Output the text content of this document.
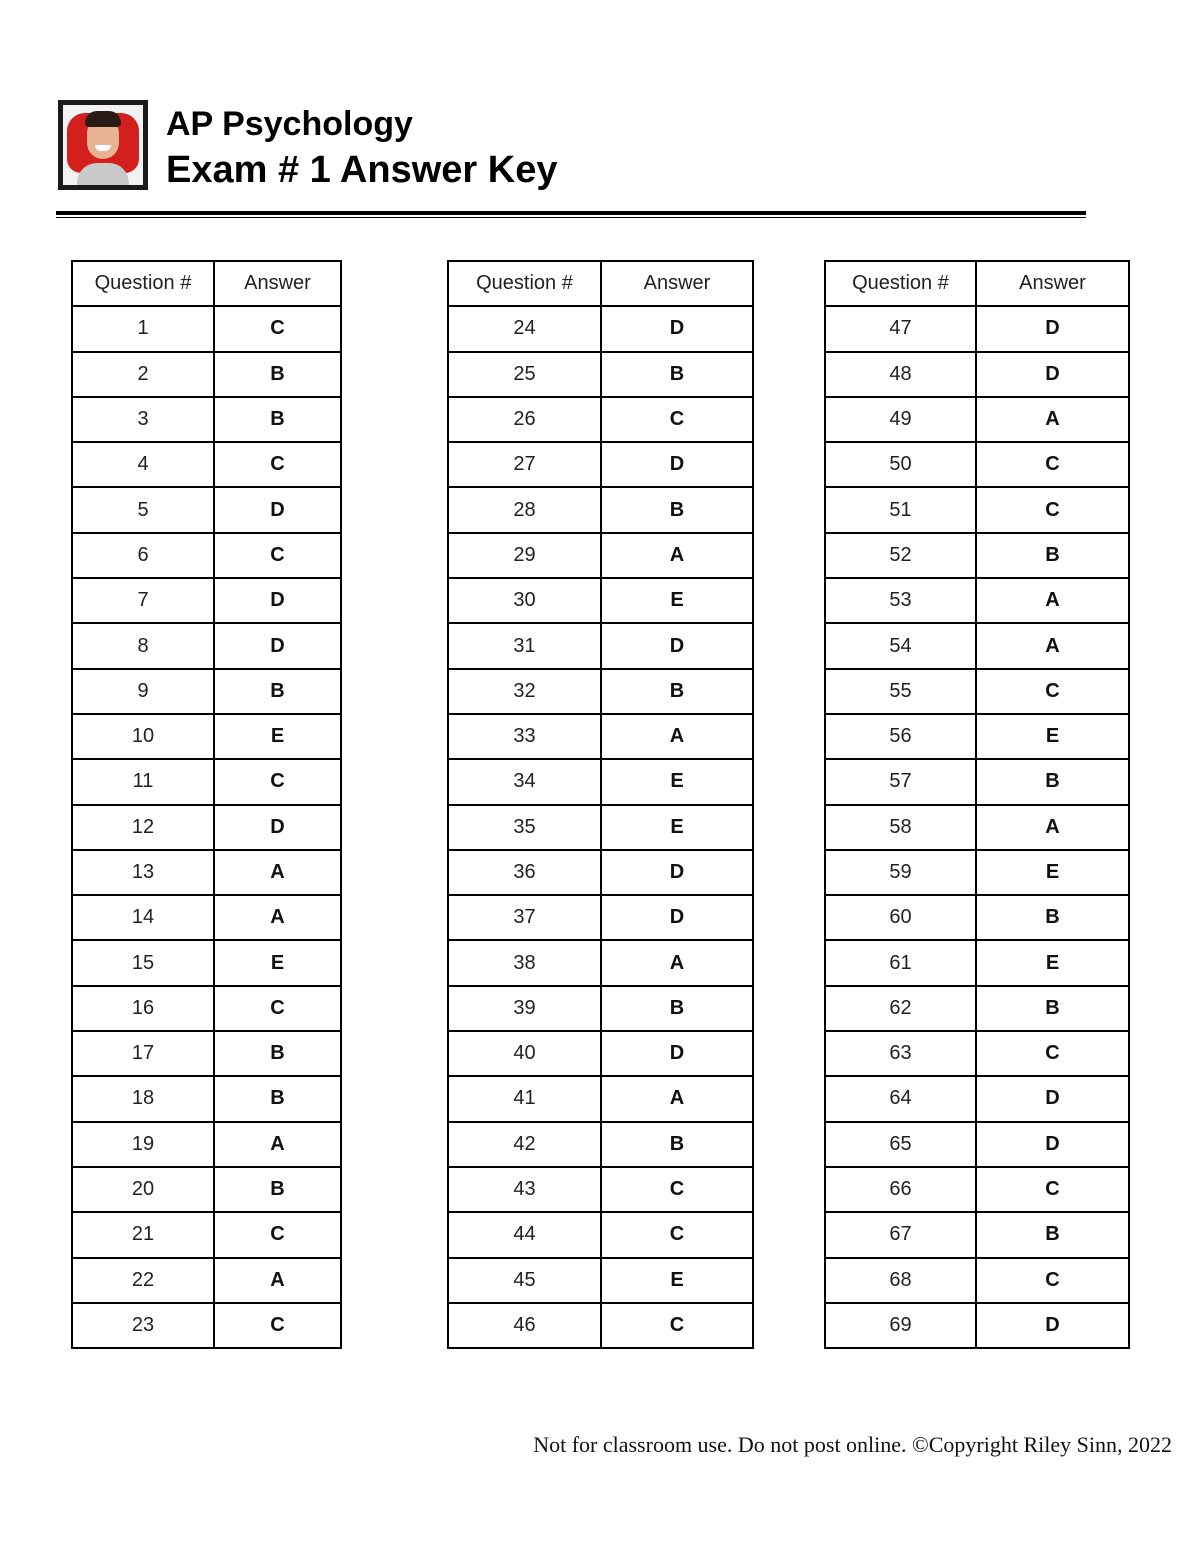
AP Psychology
Exam # 1 Answer Key
Question #	Answer
1	C
2	B
3	B
4	C
5	D
6	C
7	D
8	D
9	B
10	E
11	C
12	D
13	A
14	A
15	E
16	C
17	B
18	B
19	A
20	B
21	C
22	A
23	C
Question #	Answer
24	D
25	B
26	C
27	D
28	B
29	A
30	E
31	D
32	B
33	A
34	E
35	E
36	D
37	D
38	A
39	B
40	D
41	A
42	B
43	C
44	C
45	E
46	C
Question #	Answer
47	D
48	D
49	A
50	C
51	C
52	B
53	A
54	A
55	C
56	E
57	B
58	A
59	E
60	B
61	E
62	B
63	C
64	D
65	D
66	C
67	B
68	C
69	D

Not for classroom use. Do not post online. ©Copyright Riley Sinn, 2022
